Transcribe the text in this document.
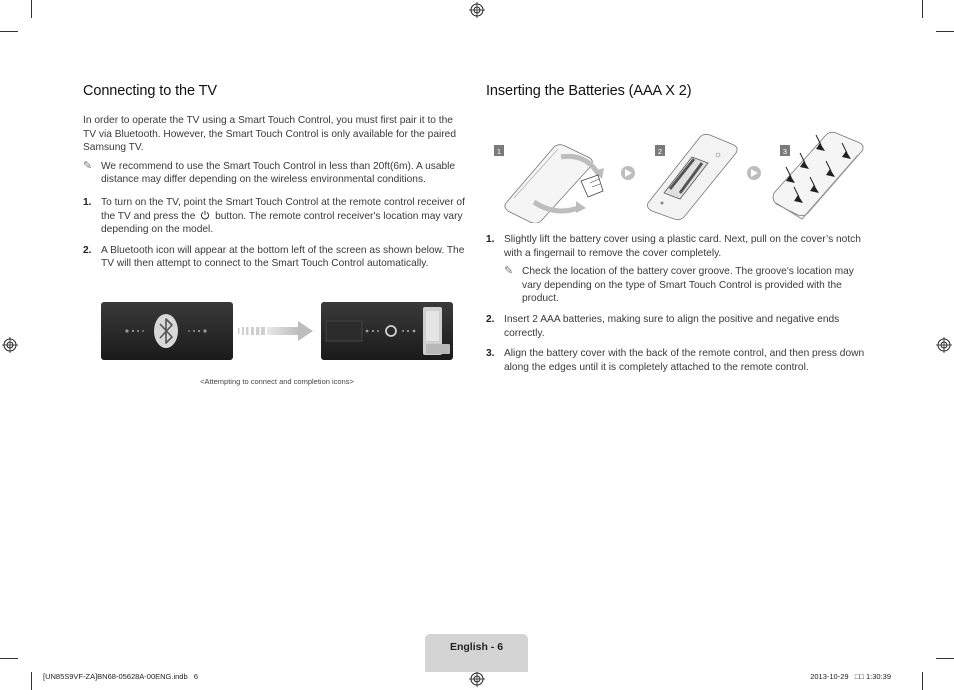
Connecting to the TV

In order to operate the TV using a Smart Touch Control, you must first pair it to the TV via Bluetooth. However, the Smart Touch Control is only available for the paired Samsung TV.

✎ We recommend to use the Smart Touch Control in less than 20ft(6m). A usable distance may differ depending on the wireless environmental conditions.
1. To turn on the TV, point the Smart Touch Control at the remote control receiver of the TV and press the button. The remote control receiver's location may vary depending on the model.
2. A Bluetooth icon will appear at the bottom left of the screen as shown below. The TV will then attempt to connect to the Smart Touch Control automatically.
<Attempting to connect and completion icons>
Inserting the Batteries (AAA X 2)
1	2	3
1. Slightly lift the battery cover using a plastic card. Next, pull on the cover’s notch with a fingernail to remove the cover completely.
✎ Check the location of the battery cover groove. The groove's location may vary depending on the type of Smart Touch Control is provided with the product.
2. Insert 2 AAA batteries, making sure to align the positive and negative ends correctly.
3. Align the battery cover with the back of the remote control, and then press down along the edges until it is completely attached to the remote control.
English - 6
[UN85S9VF-ZA]BN68-05628A-00ENG.indb   6	2013-10-29   □□ 1:30:39
